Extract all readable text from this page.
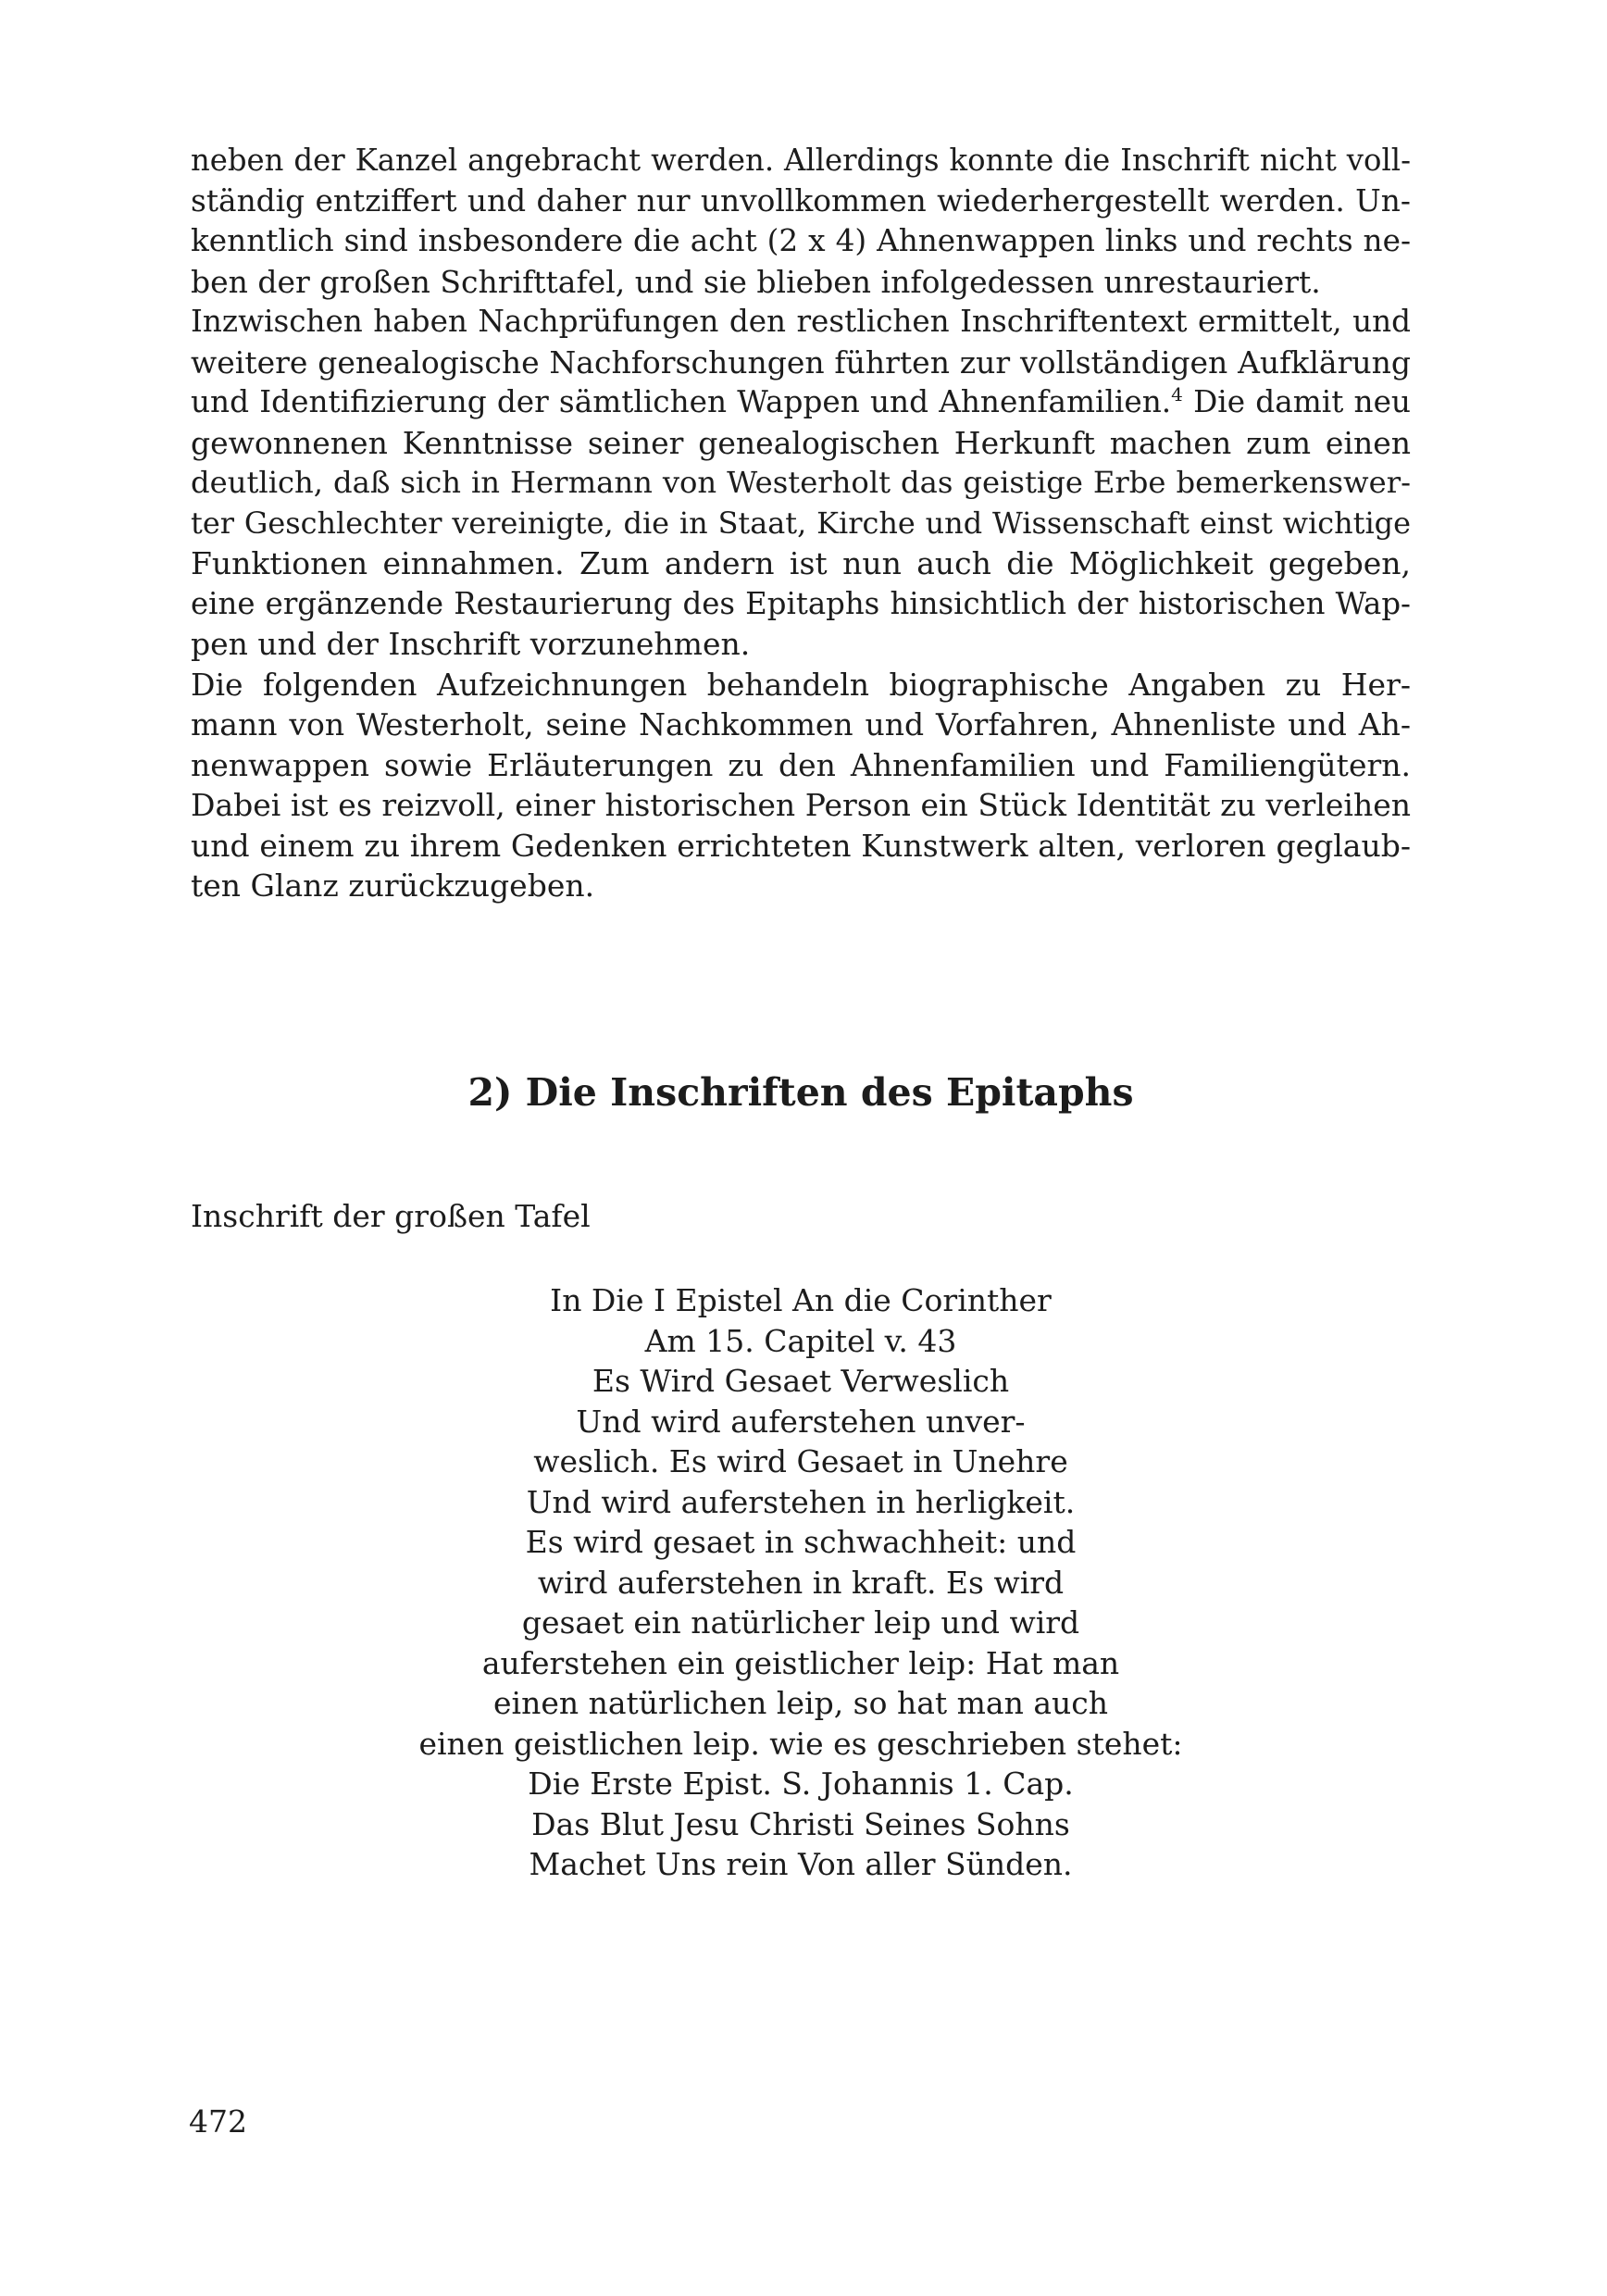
neben der Kanzel angebracht werden. Allerdings konnte die Inschrift nicht voll-
ständig entziffert und daher nur unvollkommen wiederhergestellt werden. Un-
kenntlich sind insbesondere die acht (2 x 4) Ahnenwappen links und rechts ne-
ben der großen Schrifttafel, und sie blieben infolgedessen unrestauriert.
Inzwischen haben Nachprüfungen den restlichen Inschriftentext ermittelt, und
weitere genealogische Nachforschungen führten zur vollständigen Aufklärung
und Identifizierung der sämtlichen Wappen und Ahnenfamilien.$^4$ Die damit neu
gewonnenen Kenntnisse seiner genealogischen Herkunft machen zum einen
deutlich, daß sich in Hermann von Westerholt das geistige Erbe bemerkenswer-
ter Geschlechter vereinigte, die in Staat, Kirche und Wissenschaft einst wichtige
Funktionen einnahmen. Zum andern ist nun auch die Möglichkeit gegeben,
eine ergänzende Restaurierung des Epitaphs hinsichtlich der historischen Wap-
pen und der Inschrift vorzunehmen.
Die folgenden Aufzeichnungen behandeln biographische Angaben zu Her-
mann von Westerholt, seine Nachkommen und Vorfahren, Ahnenliste und Ah-
nenwappen sowie Erläuterungen zu den Ahnenfamilien und Familiengütern.
Dabei ist es reizvoll, einer historischen Person ein Stück Identität zu verleihen
und einem zu ihrem Gedenken errichteten Kunstwerk alten, verloren geglaub-
ten Glanz zurückzugeben.
2) Die Inschriften des Epitaphs
Inschrift der großen Tafel
In Die I Epistel An die Corinther
Am 15. Capitel v. 43
Es Wird Gesaet Verweslich
Und wird auferstehen unver-
weslich. Es wird Gesaet in Unehre
Und wird auferstehen in herligkeit.
Es wird gesaet in schwachheit: und
wird auferstehen in kraft. Es wird
gesaet ein natürlicher leip und wird
auferstehen ein geistlicher leip: Hat man
einen natürlichen leip, so hat man auch
einen geistlichen leip. wie es geschrieben stehet:
Die Erste Epist. S. Johannis 1. Cap.
Das Blut Jesu Christi Seines Sohns
Machet Uns rein Von aller Sünden.
472
